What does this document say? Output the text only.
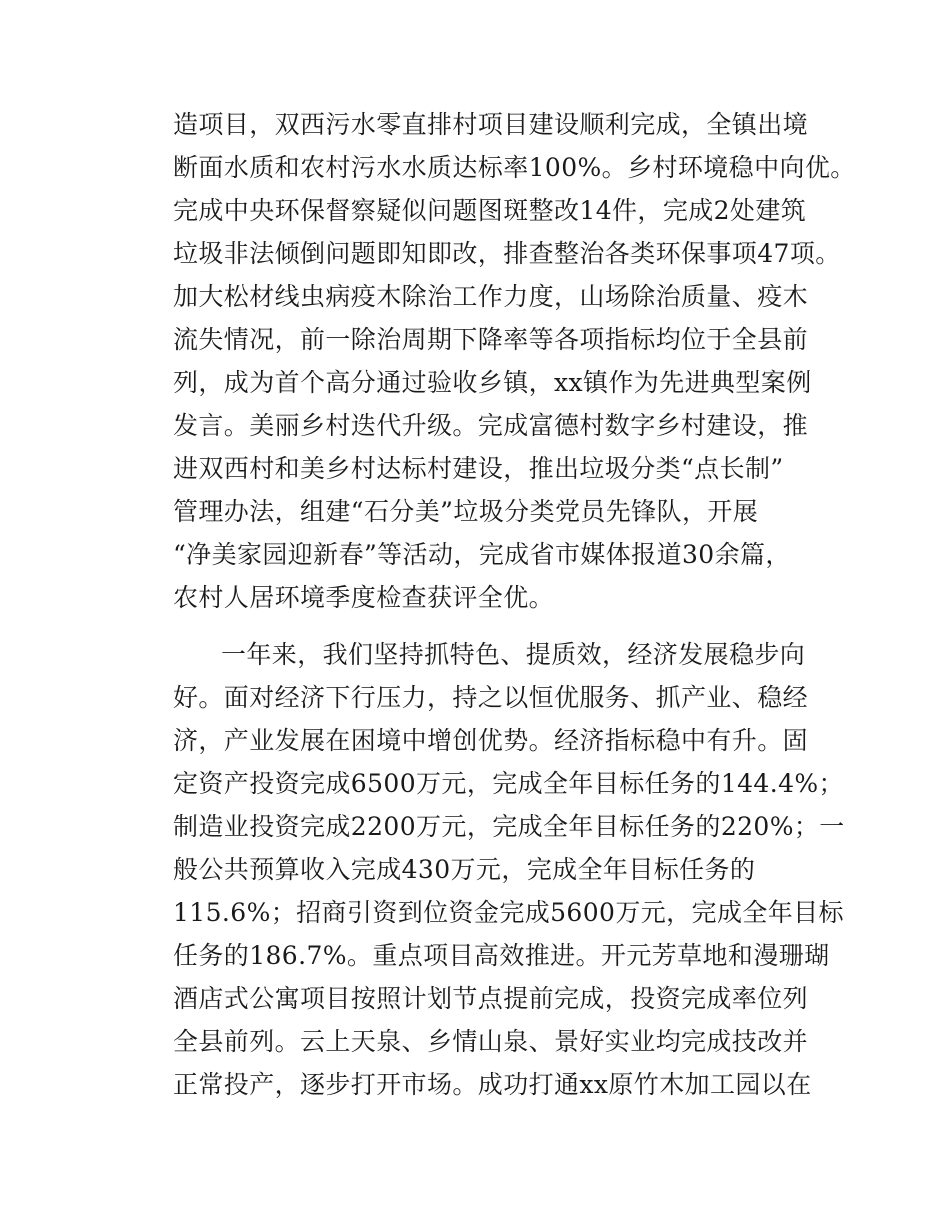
造项目，双西污水零直排村项目建设顺利完成，全镇出境
断面水质和农村污水水质达标率100%。乡村环境稳中向优。
完成中央环保督察疑似问题图斑整改14件，完成2处建筑
垃圾非法倾倒问题即知即改，排查整治各类环保事项47项。
加大松材线虫病疫木除治工作力度，山场除治质量、疫木
流失情况，前一除治周期下降率等各项指标均位于全县前
列，成为首个高分通过验收乡镇，xx镇作为先进典型案例
发言。美丽乡村迭代升级。完成富德村数字乡村建设，推
进双西村和美乡村达标村建设，推出垃圾分类“点长制”
管理办法，组建“石分美”垃圾分类党员先锋队，开展
“净美家园迎新春”等活动，完成省市媒体报道30余篇，
农村人居环境季度检查获评全优。
一年来，我们坚持抓特色、提质效，经济发展稳步向
好。面对经济下行压力，持之以恒优服务、抓产业、稳经
济，产业发展在困境中增创优势。经济指标稳中有升。固
定资产投资完成6500万元，完成全年目标任务的144.4%；
制造业投资完成2200万元，完成全年目标任务的220%；一
般公共预算收入完成430万元，完成全年目标任务的
115.6%；招商引资到位资金完成5600万元，完成全年目标
任务的186.7%。重点项目高效推进。开元芳草地和漫珊瑚
酒店式公寓项目按照计划节点提前完成，投资完成率位列
全县前列。云上天泉、乡情山泉、景好实业均完成技改并
正常投产，逐步打开市场。成功打通xx原竹木加工园以在
